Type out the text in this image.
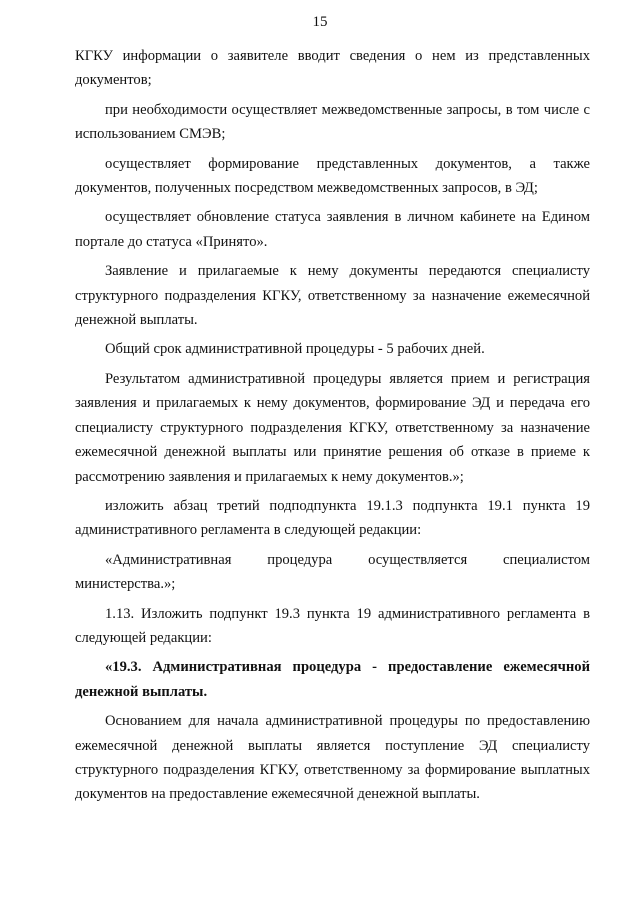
15

КГКУ информации о заявителе вводит сведения о нем из представленных документов;

при необходимости осуществляет межведомственные запросы, в том числе с использованием СМЭВ;

осуществляет формирование представленных документов, а также документов, полученных посредством межведомственных запросов, в ЭД;

осуществляет обновление статуса заявления в личном кабинете на Едином портале до статуса «Принято».

Заявление и прилагаемые к нему документы передаются специалисту структурного подразделения КГКУ, ответственному за назначение ежемесячной денежной выплаты.

Общий срок административной процедуры - 5 рабочих дней.

Результатом административной процедуры является прием и регистрация заявления и прилагаемых к нему документов, формирование ЭД и передача его специалисту структурного подразделения КГКУ, ответственному за назначение ежемесячной денежной выплаты или принятие решения об отказе в приеме к рассмотрению заявления и прилагаемых к нему документов.»;

изложить абзац третий подподпункта 19.1.3 подпункта 19.1 пункта 19 административного регламента в следующей редакции:

«Административная процедура осуществляется специалистом министерства.»;

1.13. Изложить подпункт 19.3 пункта 19 административного регламента в следующей редакции:

«19.3. Административная процедура - предоставление ежемесячной денежной выплаты.

Основанием для начала административной процедуры по предоставлению ежемесячной денежной выплаты является поступление ЭД специалисту структурного подразделения КГКУ, ответственному за формирование выплатных документов на предоставление ежемесячной денежной выплаты.
